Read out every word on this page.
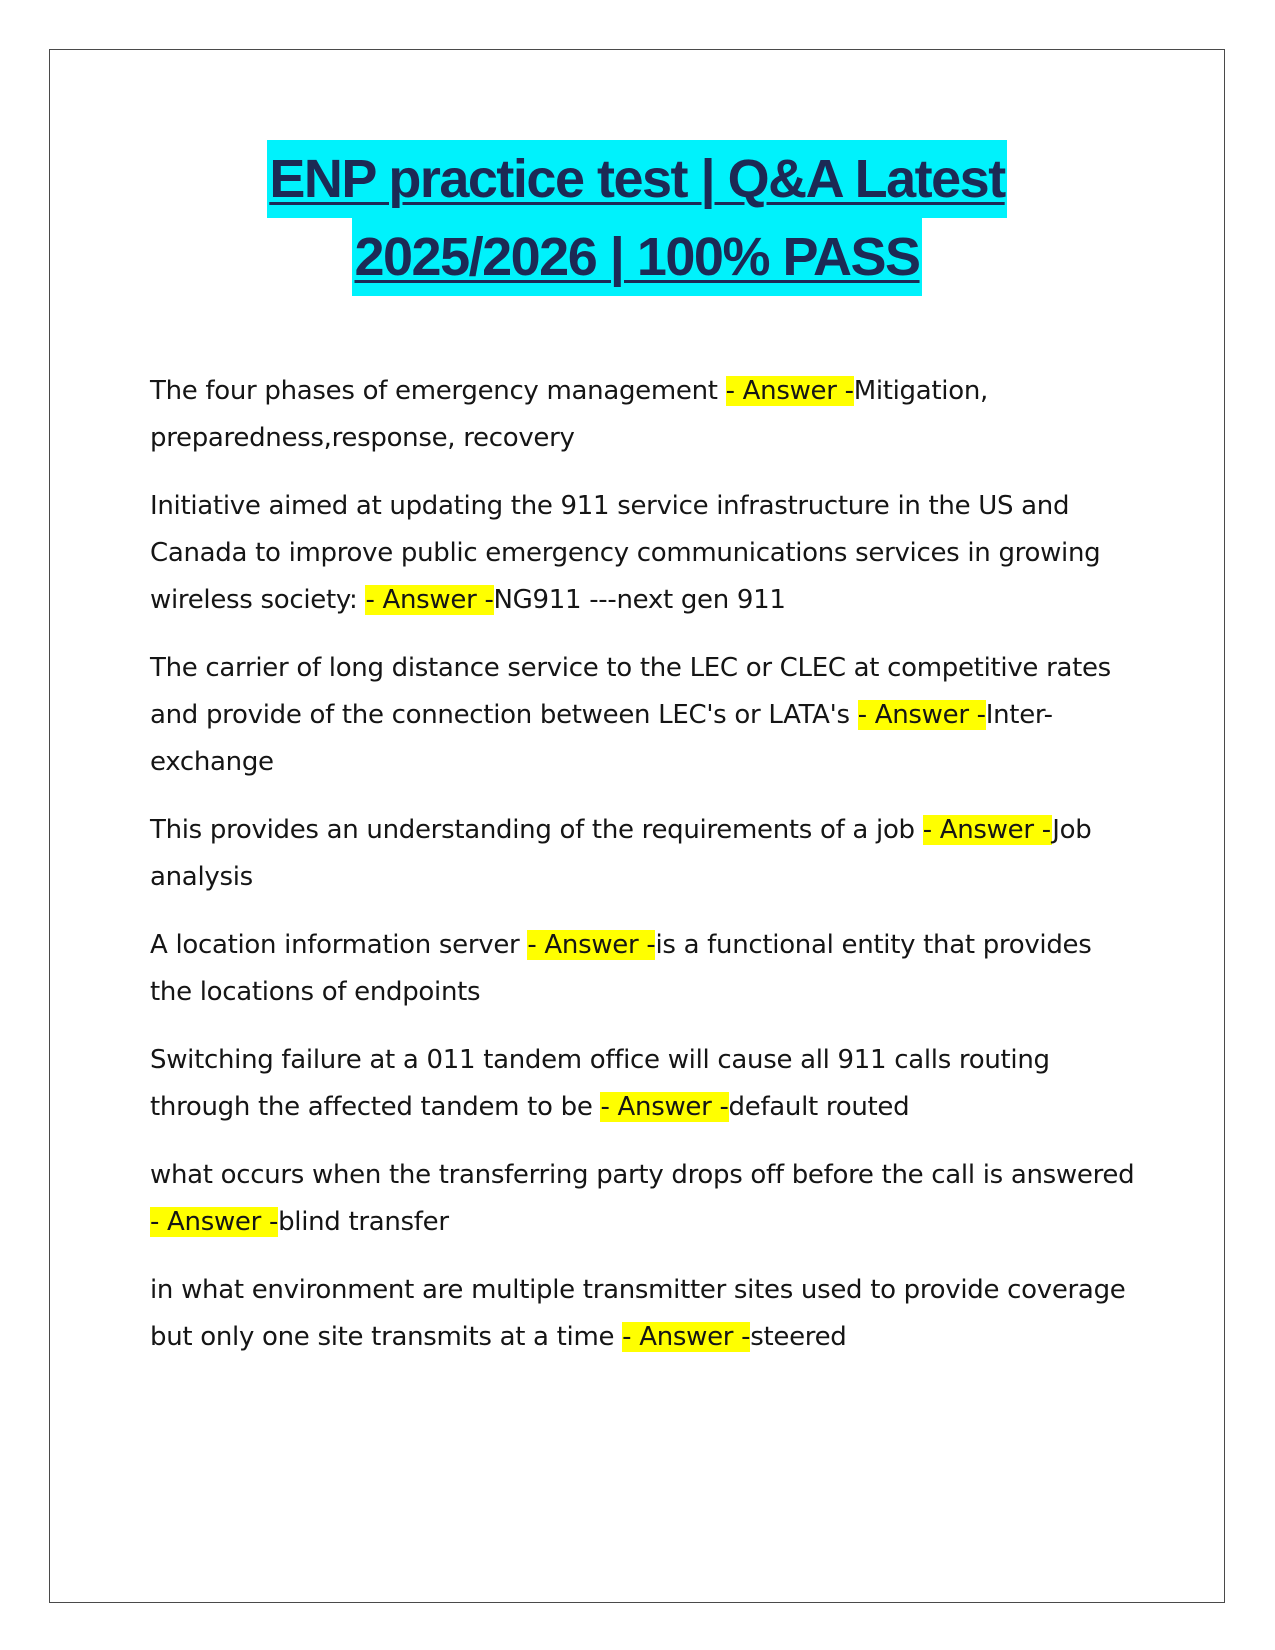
ENP practice test | Q&A Latest
2025/2026 | 100% PASS

The four phases of emergency management - Answer -Mitigation, preparedness,response, recovery

Initiative aimed at updating the 911 service infrastructure in the US and Canada to improve public emergency communications services in growing wireless society: - Answer -NG911 ---next gen 911

The carrier of long distance service to the LEC or CLEC at competitive rates and provide of the connection between LEC's or LATA's - Answer -Inter-exchange

This provides an understanding of the requirements of a job - Answer -Job analysis

A location information server - Answer -is a functional entity that provides the locations of endpoints

Switching failure at a 011 tandem office will cause all 911 calls routing through the affected tandem to be - Answer -default routed

what occurs when the transferring party drops off before the call is answered - Answer -blind transfer

in what environment are multiple transmitter sites used to provide coverage but only one site transmits at a time - Answer -steered
